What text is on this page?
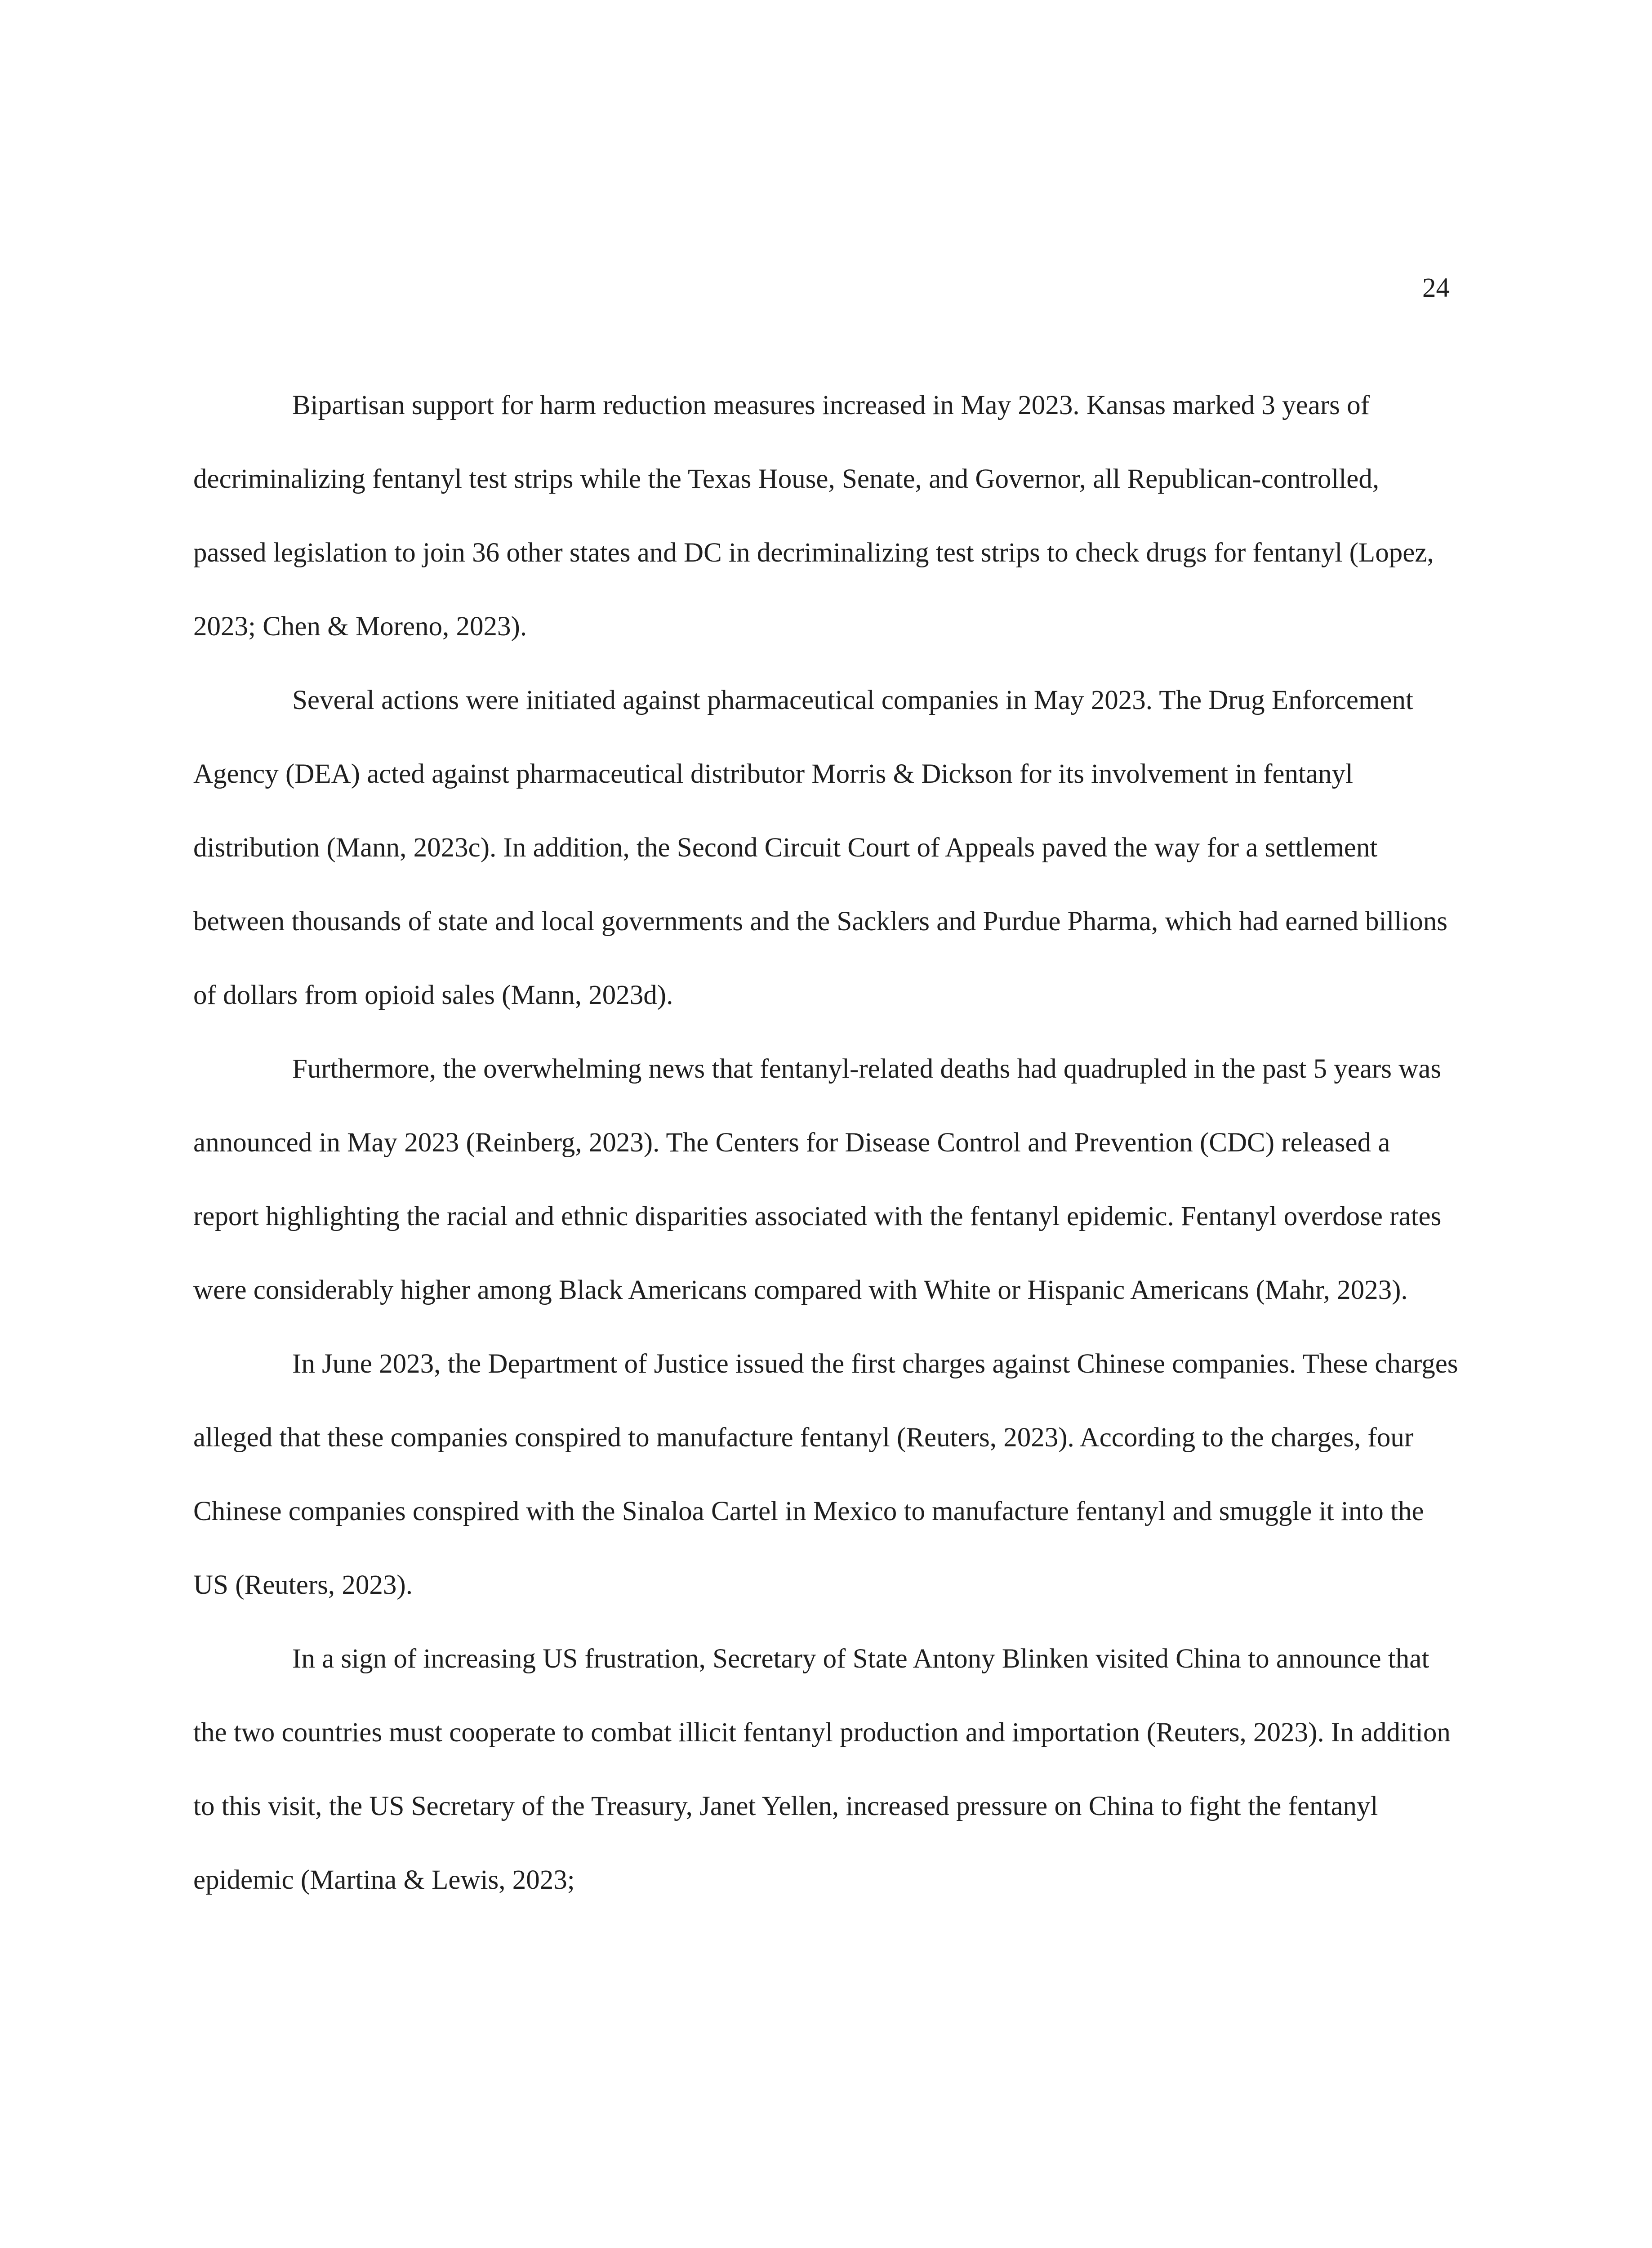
24

Bipartisan support for harm reduction measures increased in May 2023. Kansas marked 3 years of decriminalizing fentanyl test strips while the Texas House, Senate, and Governor, all Republican-controlled, passed legislation to join 36 other states and DC in decriminalizing test strips to check drugs for fentanyl (Lopez, 2023; Chen & Moreno, 2023).

Several actions were initiated against pharmaceutical companies in May 2023. The Drug Enforcement Agency (DEA) acted against pharmaceutical distributor Morris & Dickson for its involvement in fentanyl distribution (Mann, 2023c). In addition, the Second Circuit Court of Appeals paved the way for a settlement between thousands of state and local governments and the Sacklers and Purdue Pharma, which had earned billions of dollars from opioid sales (Mann, 2023d).

Furthermore, the overwhelming news that fentanyl-related deaths had quadrupled in the past 5 years was announced in May 2023 (Reinberg, 2023). The Centers for Disease Control and Prevention (CDC) released a report highlighting the racial and ethnic disparities associated with the fentanyl epidemic. Fentanyl overdose rates were considerably higher among Black Americans compared with White or Hispanic Americans (Mahr, 2023).

In June 2023, the Department of Justice issued the first charges against Chinese companies. These charges alleged that these companies conspired to manufacture fentanyl (Reuters, 2023). According to the charges, four Chinese companies conspired with the Sinaloa Cartel in Mexico to manufacture fentanyl and smuggle it into the US (Reuters, 2023).

In a sign of increasing US frustration, Secretary of State Antony Blinken visited China to announce that the two countries must cooperate to combat illicit fentanyl production and importation (Reuters, 2023). In addition to this visit, the US Secretary of the Treasury, Janet Yellen, increased pressure on China to fight the fentanyl epidemic (Martina & Lewis, 2023;
